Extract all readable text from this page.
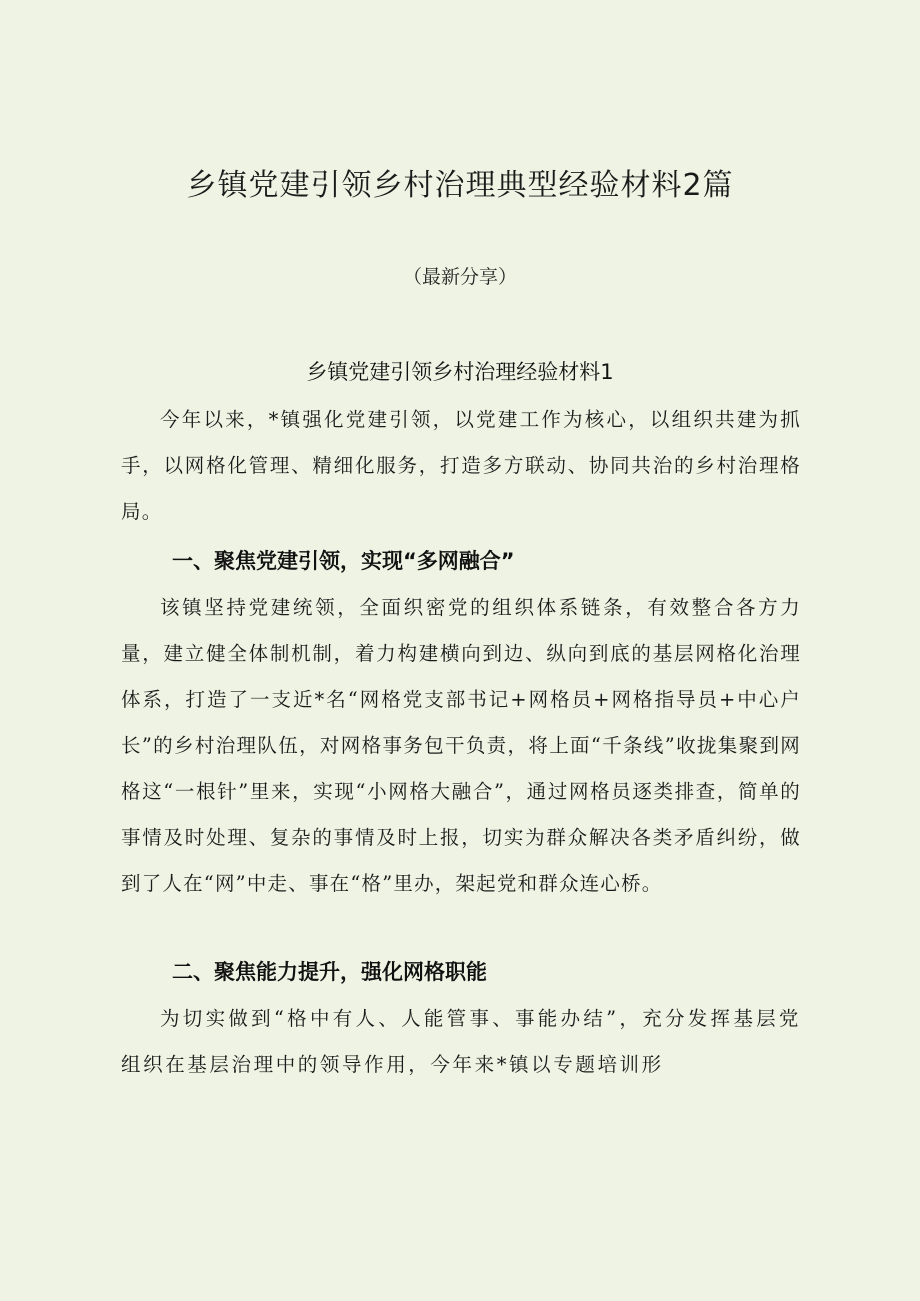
乡镇党建引领乡村治理典型经验材料2篇

（最新分享）

乡镇党建引领乡村治理经验材料1

今年以来，*镇强化党建引领，以党建工作为核心，以组织共建为抓手，以网格化管理、精细化服务，打造多方联动、协同共治的乡村治理格局。

一、聚焦党建引领，实现“多网融合”

该镇坚持党建统领，全面织密党的组织体系链条，有效整合各方力量，建立健全体制机制，着力构建横向到边、纵向到底的基层网格化治理体系，打造了一支近*名“网格党支部书记+网格员+网格指导员+中心户长”的乡村治理队伍，对网格事务包干负责，将上面“千条线”收拢集聚到网格这“一根针”里来，实现“小网格大融合”，通过网格员逐类排查，简单的事情及时处理、复杂的事情及时上报，切实为群众解决各类矛盾纠纷，做到了人在“网”中走、事在“格”里办，架起党和群众连心桥。

二、聚焦能力提升，强化网格职能

为切实做到“格中有人、人能管事、事能办结”，充分发挥基层党组织在基层治理中的领导作用，今年来*镇以专题培训形
